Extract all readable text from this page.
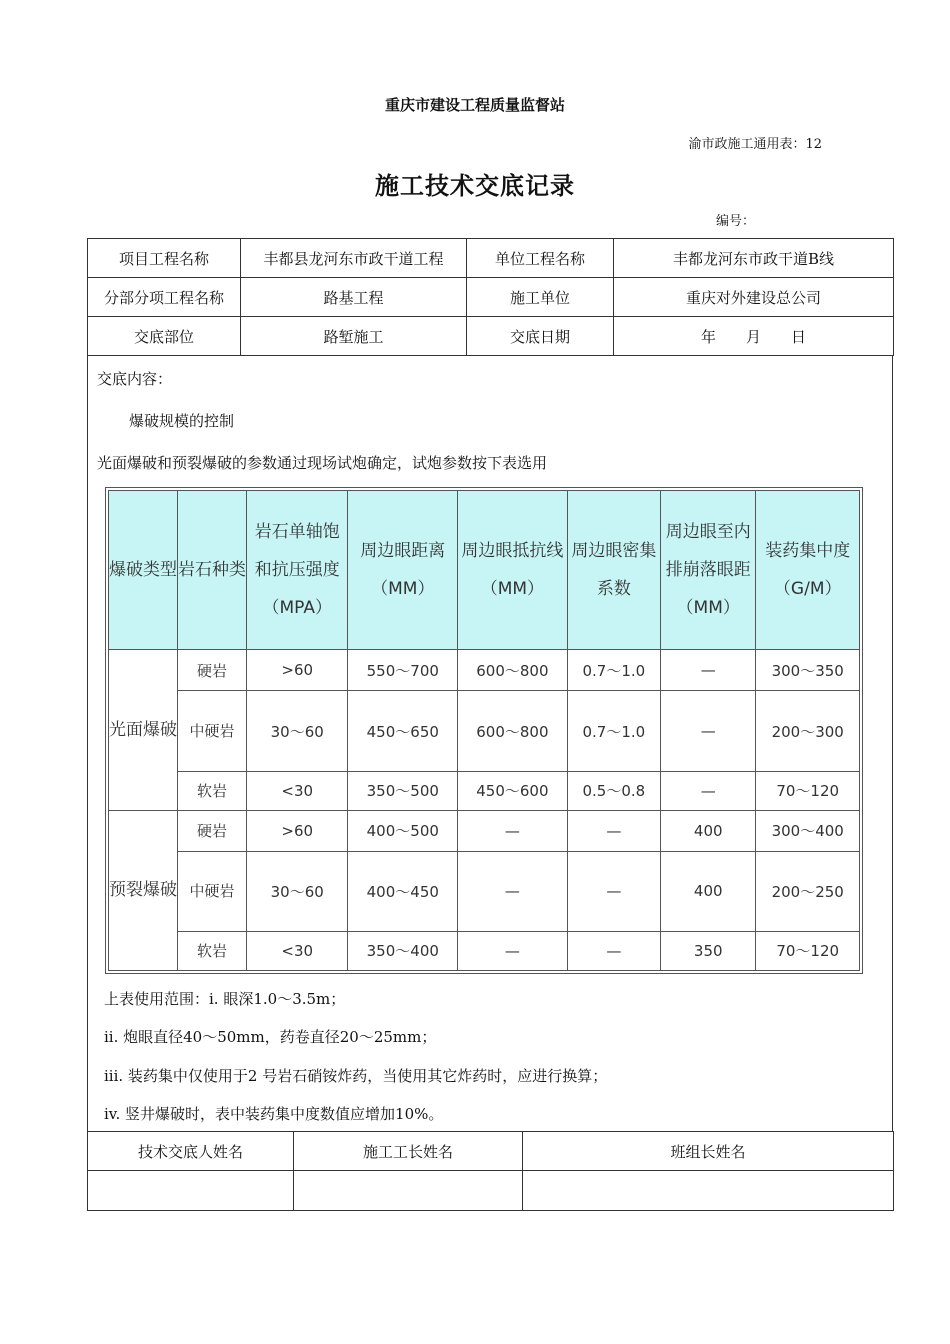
重庆市建设工程质量监督站
渝市政施工通用表：12
施工技术交底记录
编号：
项目工程名称	丰都县龙河东市政干道工程	单位工程名称	丰都龙河东市政干道B线
分部分项工程名称	路基工程	施工单位	重庆对外建设总公司
交底部位	路堑施工	交底日期	年　　月　　日
交底内容：
爆破规模的控制
光面爆破和预裂爆破的参数通过现场试炮确定，试炮参数按下表选用
爆破类型	岩石种类	岩石单轴饱和抗压强度（MPA）	周边眼距离（MM）	周边眼抵抗线（MM）	周边眼密集系数	周边眼至内排崩落眼距（MM）	装药集中度（G/M）
光面爆破	硬岩	>60	550～700	600～800	0.7～1.0	—	300～350
	中硬岩	30～60	450～650	600～800	0.7～1.0	—	200～300
	软岩	<30	350～500	450～600	0.5～0.8	—	70～120
预裂爆破	硬岩	>60	400～500	—	—	400	300～400
	中硬岩	30～60	400～450	—	—	400	200～250
	软岩	<30	350～400	—	—	350	70～120
上表使用范围：i. 眼深1.0～3.5m；
ii. 炮眼直径40～50mm，药卷直径20～25mm；
iii. 装药集中仅使用于2 号岩石硝铵炸药，当使用其它炸药时，应进行换算；
iv. 竖井爆破时，表中装药集中度数值应增加10%。
技术交底人姓名	施工工长姓名	班组长姓名
